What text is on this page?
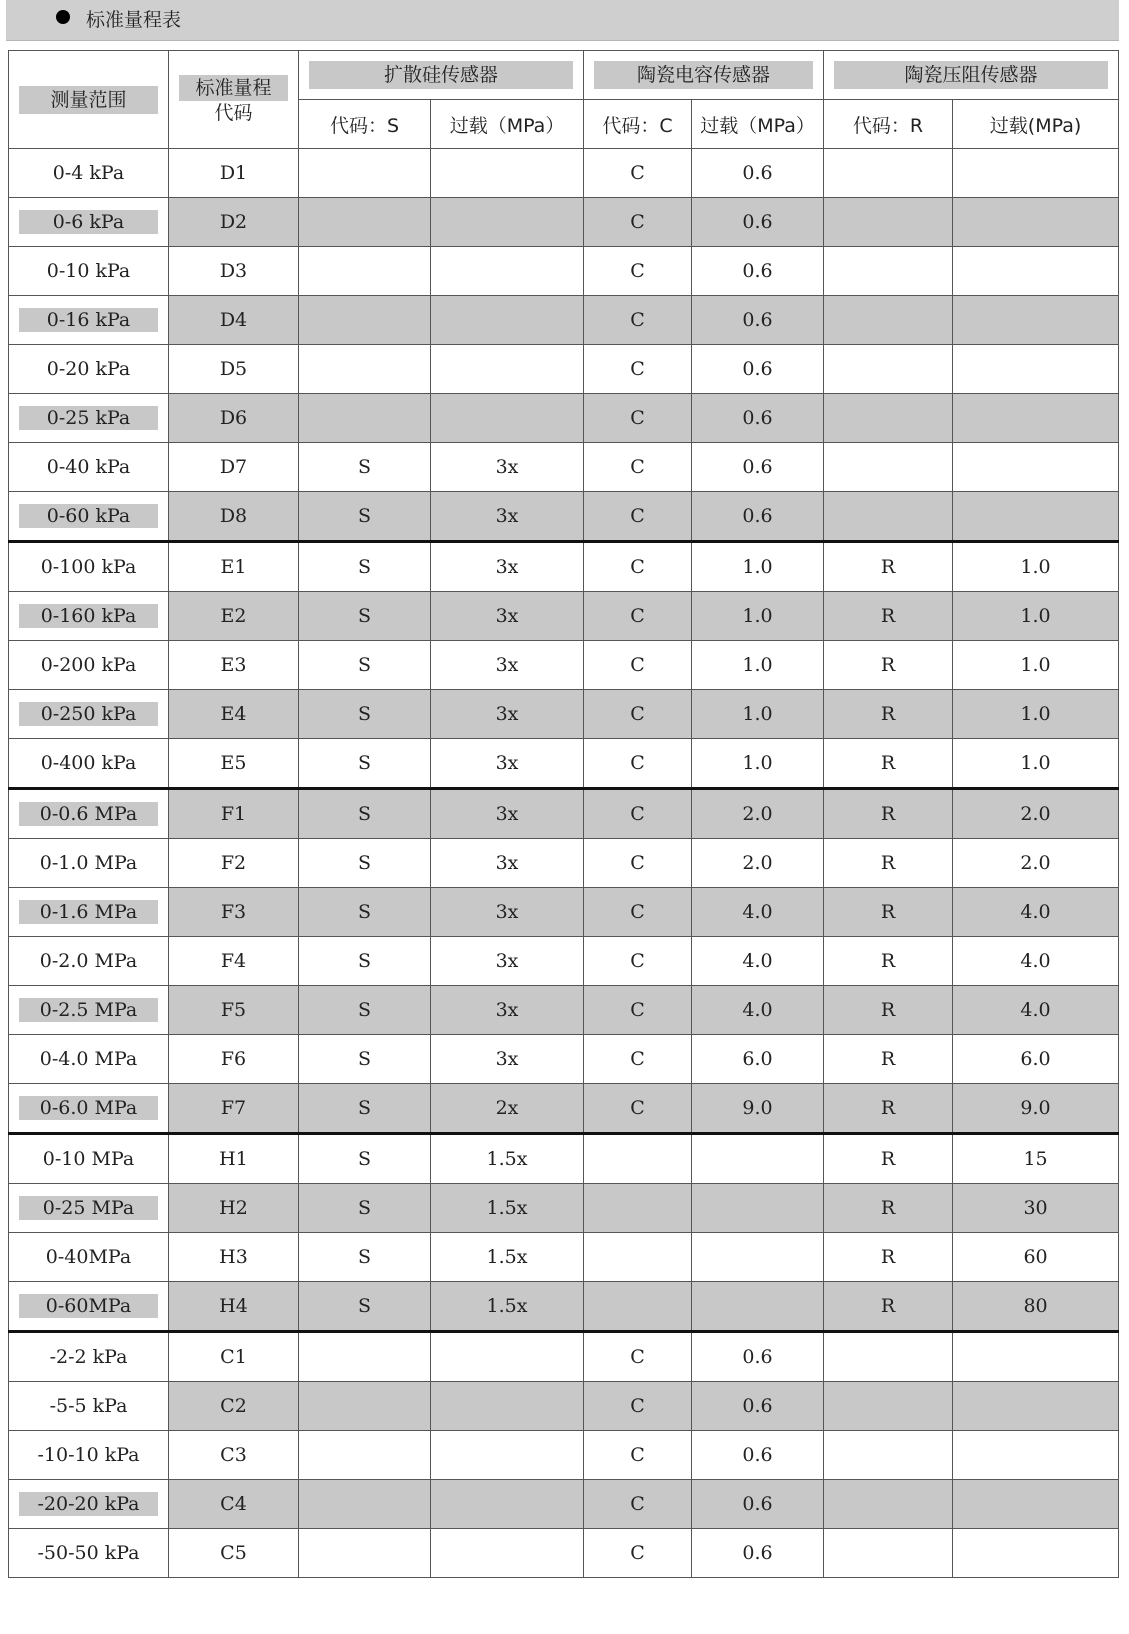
标准量程表
测量范围	标准量程
代码	扩散硅传感器		陶瓷电容传感器		陶瓷压阻传感器	

		代码：S	过载（MPa）	代码：C	过载（MPa）	代码：R	过载(MPa)
0-4 kPa	D1			C	0.6		

0-6 kPa	D2			C	0.6		
0-10 kPa	D3			C	0.6		

0-16 kPa	D4			C	0.6		
0-20 kPa	D5			C	0.6		

0-25 kPa	D6			C	0.6		
0-40 kPa	D7	S	3x	C	0.6		

0-60 kPa	D8	S	3x	C	0.6		
0-100 kPa	E1	S	3x	C	1.0	R	1.0

0-160 kPa	E2	S	3x	C	1.0	R	1.0
0-200 kPa	E3	S	3x	C	1.0	R	1.0

0-250 kPa	E4	S	3x	C	1.0	R	1.0
0-400 kPa	E5	S	3x	C	1.0	R	1.0

0-0.6 MPa	F1	S	3x	C	2.0	R	2.0
0-1.0 MPa	F2	S	3x	C	2.0	R	2.0

0-1.6 MPa	F3	S	3x	C	4.0	R	4.0
0-2.0 MPa	F4	S	3x	C	4.0	R	4.0

0-2.5 MPa	F5	S	3x	C	4.0	R	4.0
0-4.0 MPa	F6	S	3x	C	6.0	R	6.0

0-6.0 MPa	F7	S	2x	C	9.0	R	9.0
0-10 MPa	H1	S	1.5x			R	15

0-25 MPa	H2	S	1.5x			R	30
0-40MPa	H3	S	1.5x			R	60

0-60MPa	H4	S	1.5x			R	80
-2-2 kPa	C1			C	0.6		

-5-5 kPa	C2			C	0.6		
-10-10 kPa	C3			C	0.6		

-20-20 kPa	C4			C	0.6		
-50-50 kPa	C5			C	0.6		
